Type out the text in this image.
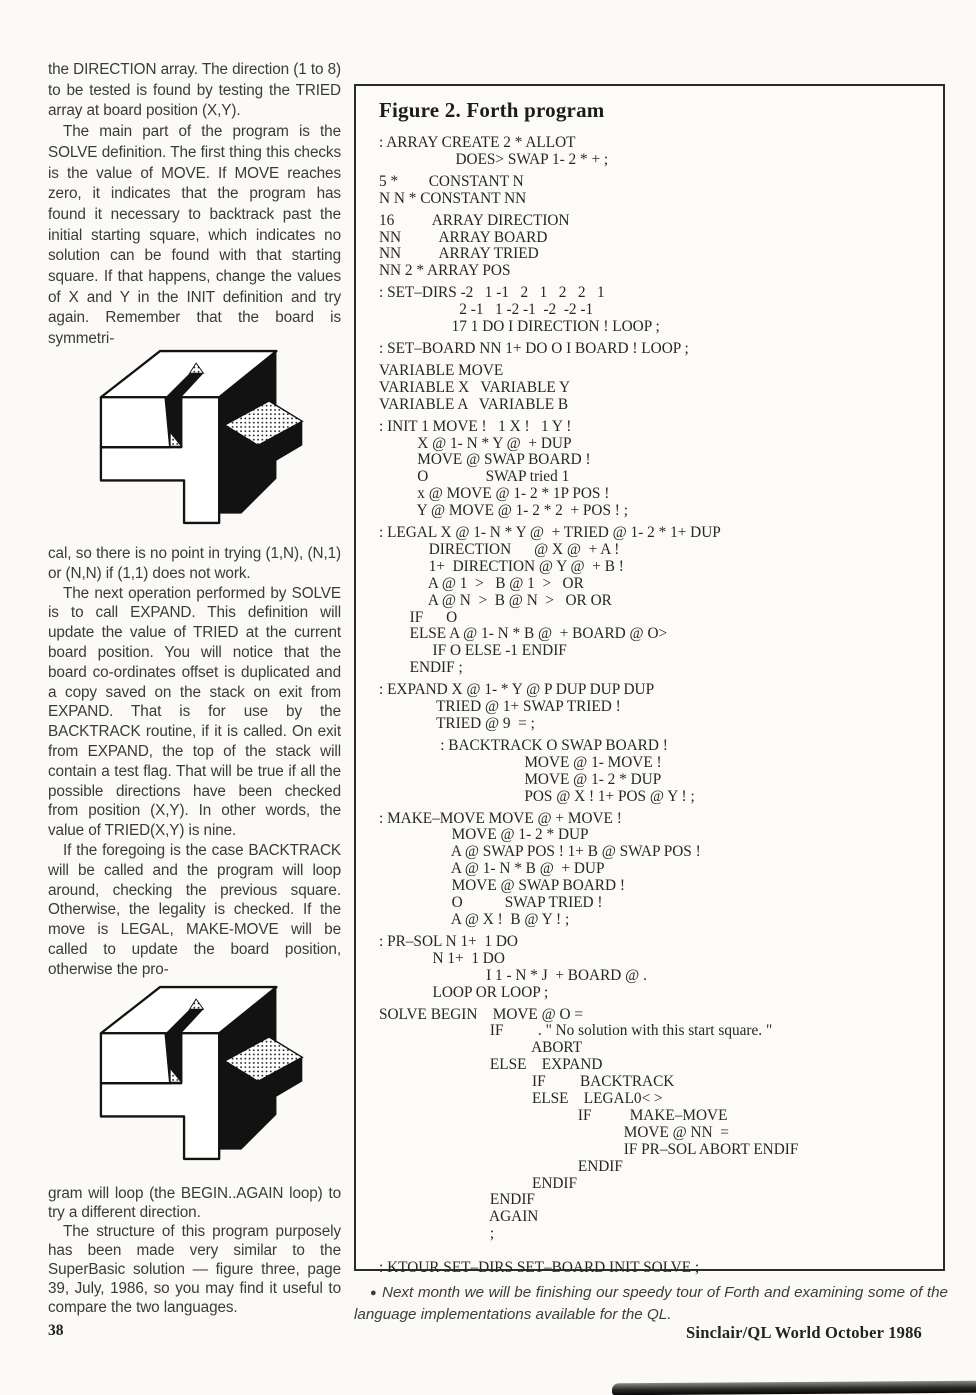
the DIRECTION array. The direction (1 to 8) to be tested is found by testing the TRIED array at board position (X,Y).

The main part of the program is the SOLVE definition. The first thing this checks is the value of MOVE. If MOVE reaches zero, it indicates that the program has found it necessary to backtrack past the initial starting square, which indicates no solution can be found with that starting square. If that happens, change the values of X and Y in the INIT definition and try again. Remember that the board is symmetri-

cal, so there is no point in trying (1,N), (N,1) or (N,N) if (1,1) does not work.

The next operation performed by SOLVE is to call EXPAND. This definition will update the value of TRIED at the current board position. You will notice that the board co-ordinates offset is duplicated and a copy saved on the stack on exit from EXPAND. That is for use by the BACKTRACK routine, if it is called. On exit from EXPAND, the top of the stack will contain a test flag. That will be true if all the possible directions have been checked from position (X,Y). In other words, the value of TRIED(X,Y) is nine.

If the foregoing is the case BACKTRACK will be called and the program will loop around, checking the previous square. Otherwise, the legality is checked. If the move is LEGAL, MAKE-MOVE will be called to update the board position, otherwise the pro-

gram will loop (the BEGIN..AGAIN loop) to try a different direction.

The structure of this program purposely has been made very similar to the SuperBasic solution — figure three, page 39, July, 1986, so you may find it useful to compare the two languages.

Figure 2. Forth program
: ARRAY CREATE 2 * ALLOT
DOES> SWAP 1- 2 * + ;
5 *        CONSTANT N
N N * CONSTANT NN
16          ARRAY DIRECTION
NN          ARRAY BOARD
NN          ARRAY TRIED
NN 2 * ARRAY POS
: SET–DIRS -2   1 -1   2   1   2   2   1
2 -1   1 -2 -1  -2  -2 -1
17 1 DO I DIRECTION ! LOOP ;
: SET–BOARD NN 1+ DO O I BOARD ! LOOP ;
VARIABLE MOVE
VARIABLE X   VARIABLE Y
VARIABLE A   VARIABLE B
: INIT 1 MOVE !   1 X !   1 Y !
X @ 1- N * Y @  + DUP
MOVE @ SWAP BOARD !
O               SWAP tried 1
x @ MOVE @ 1- 2 * 1P POS !
Y @ MOVE @ 1- 2 * 2  + POS ! ;
: LEGAL X @ 1- N * Y @  + TRIED @ 1- 2 * 1+ DUP
DIRECTION      @ X @  + A !
1+  DIRECTION @ Y @  + B !
A @ 1  >   B @ 1  >   OR
A @ N  >  B @ N  >   OR OR
IF      O
ELSE A @ 1- N * B @  + BOARD @ O>
IF O ELSE -1 ENDIF
ENDIF ;
: EXPAND X @ 1- * Y @ P DUP DUP DUP
TRIED @ 1+ SWAP TRIED !
TRIED @ 9  = ;
: BACKTRACK O SWAP BOARD !
MOVE @ 1- MOVE !
MOVE @ 1- 2 * DUP
POS @ X ! 1+ POS @ Y ! ;
: MAKE–MOVE MOVE @ + MOVE !
MOVE @ 1- 2 * DUP
A @ SWAP POS ! 1+ B @ SWAP POS !
A @ 1- N * B @  + DUP
MOVE @ SWAP BOARD !
O           SWAP TRIED !
A @ X !  B @ Y ! ;
: PR–SOL N 1+  1 DO
N 1+  1 DO
I 1 - N * J  + BOARD @ .
LOOP OR LOOP ;
SOLVE BEGIN    MOVE @ O =
IF         . " No solution with this start square. "
ABORT
ELSE    EXPAND
IF         BACKTRACK
ELSE    LEGAL0< >
IF          MAKE–MOVE
MOVE @ NN  =
IF PR–SOL ABORT ENDIF
ENDIF
ENDIF
ENDIF
AGAIN
;
: KTOUR SET–DIRS SET–BOARD INIT SOLVE ;

● Next month we will be finishing our speedy tour of Forth and examining some of the language implementations available for the QL.

38	Sinclair/QL World October 1986
